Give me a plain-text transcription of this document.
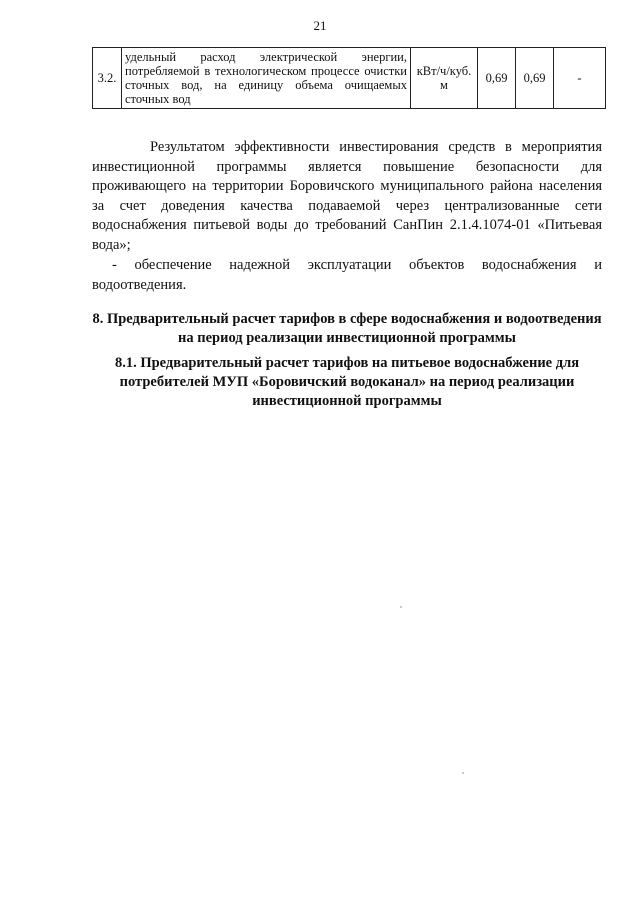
21
3.2.	удельный расход электрической энергии, потребляемой в технологическом процессе очистки сточных вод, на единицу объема очищаемых сточных вод	кВт/ч/куб. м	0,69	0,69	-

Результатом эффективности инвестирования средств в мероприятия инвестиционной программы является повышение безопасности для проживающего на территории Боровичского муниципального района населения за счет доведения качества подаваемой через централизованные сети водоснабжения питьевой воды до требований СанПин 2.1.4.1074-01 «Питьевая вода»;

- обеспечение надежной эксплуатации объектов водоснабжения и водоотведения.

8. Предварительный расчет тарифов в сфере водоснабжения и водоотведения на период реализации инвестиционной программы

8.1. Предварительный расчет тарифов на питьевое водоснабжение для потребителей МУП «Боровичский водоканал» на период реализации инвестиционной программы
